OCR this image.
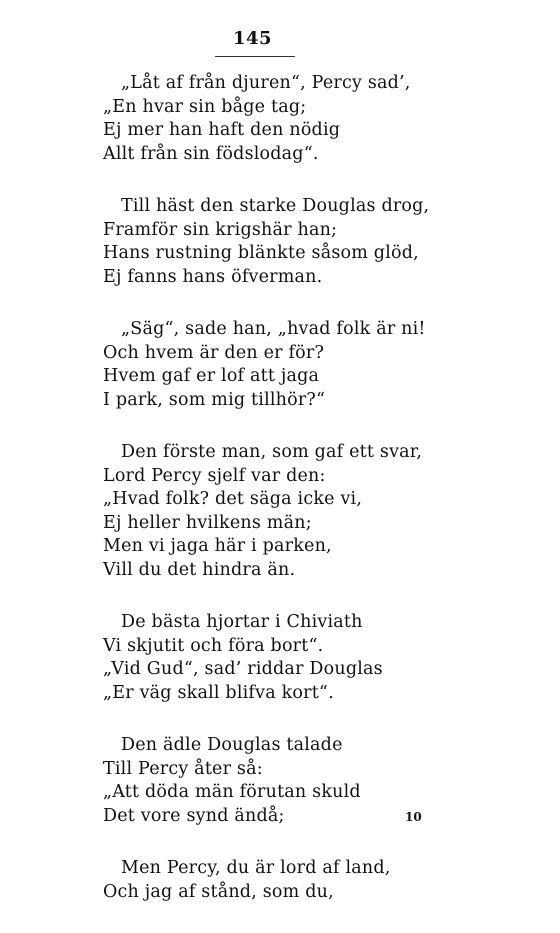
145
„Låt af från djuren“, Percy sad’,
„En hvar sin båge tag;
Ej mer han haft den nödig
Allt från sin födslodag“.
Till häst den starke Douglas drog,
Framför sin krigshär han;
Hans rustning blänkte såsom glöd,
Ej fanns hans öfverman.
„Säg“, sade han, „hvad folk är ni!
Och hvem är den er för?
Hvem gaf er lof att jaga
I park, som mig tillhör?“
Den förste man, som gaf ett svar,
Lord Percy sjelf var den:
„Hvad folk? det säga icke vi,
Ej heller hvilkens män;
Men vi jaga här i parken,
Vill du det hindra än.
De bästa hjortar i Chiviath
Vi skjutit och föra bort“.
„Vid Gud“, sad’ riddar Douglas
„Er väg skall blifva kort“.
Den ädle Douglas talade
Till Percy åter så:
„Att döda män förutan skuld
Det vore synd ändå;
Men Percy, du är lord af land,
Och jag af stånd, som du,
10
